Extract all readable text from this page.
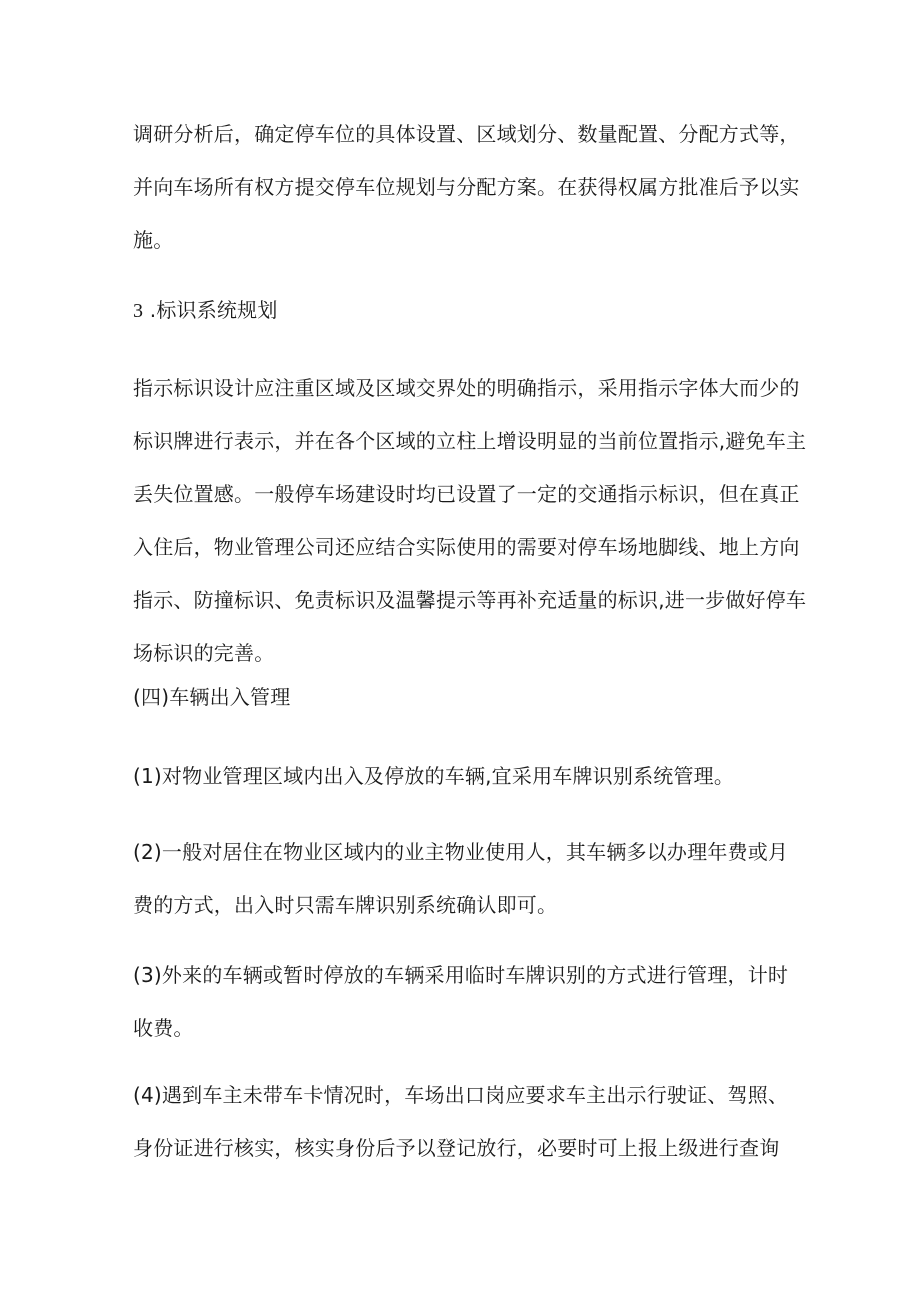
调研分析后，确定停车位的具体设置、区域划分、数量配置、分配方式等，
并向车场所有权方提交停车位规划与分配方案。在获得权属方批准后予以实
施。

3 .标识系统规划

指示标识设计应注重区域及区域交界处的明确指示，采用指示字体大而少的
标识牌进行表示，并在各个区域的立柱上增设明显的当前位置指示,避免车主
丢失位置感。一般停车场建设时均已设置了一定的交通指示标识，但在真正
入住后，物业管理公司还应结合实际使用的需要对停车场地脚线、地上方向
指示、防撞标识、免责标识及温馨提示等再补充适量的标识,进一步做好停车
场标识的完善。

(四)车辆出入管理

(1)对物业管理区域内出入及停放的车辆,宜采用车牌识别系统管理。

(2)一般对居住在物业区域内的业主物业使用人，其车辆多以办理年费或月
费的方式，出入时只需车牌识别系统确认即可。

(3)外来的车辆或暂时停放的车辆采用临时车牌识别的方式进行管理，计时
收费。

(4)遇到车主未带车卡情况时，车场出口岗应要求车主出示行驶证、驾照、
身份证进行核实，核实身份后予以登记放行，必要时可上报上级进行查询
